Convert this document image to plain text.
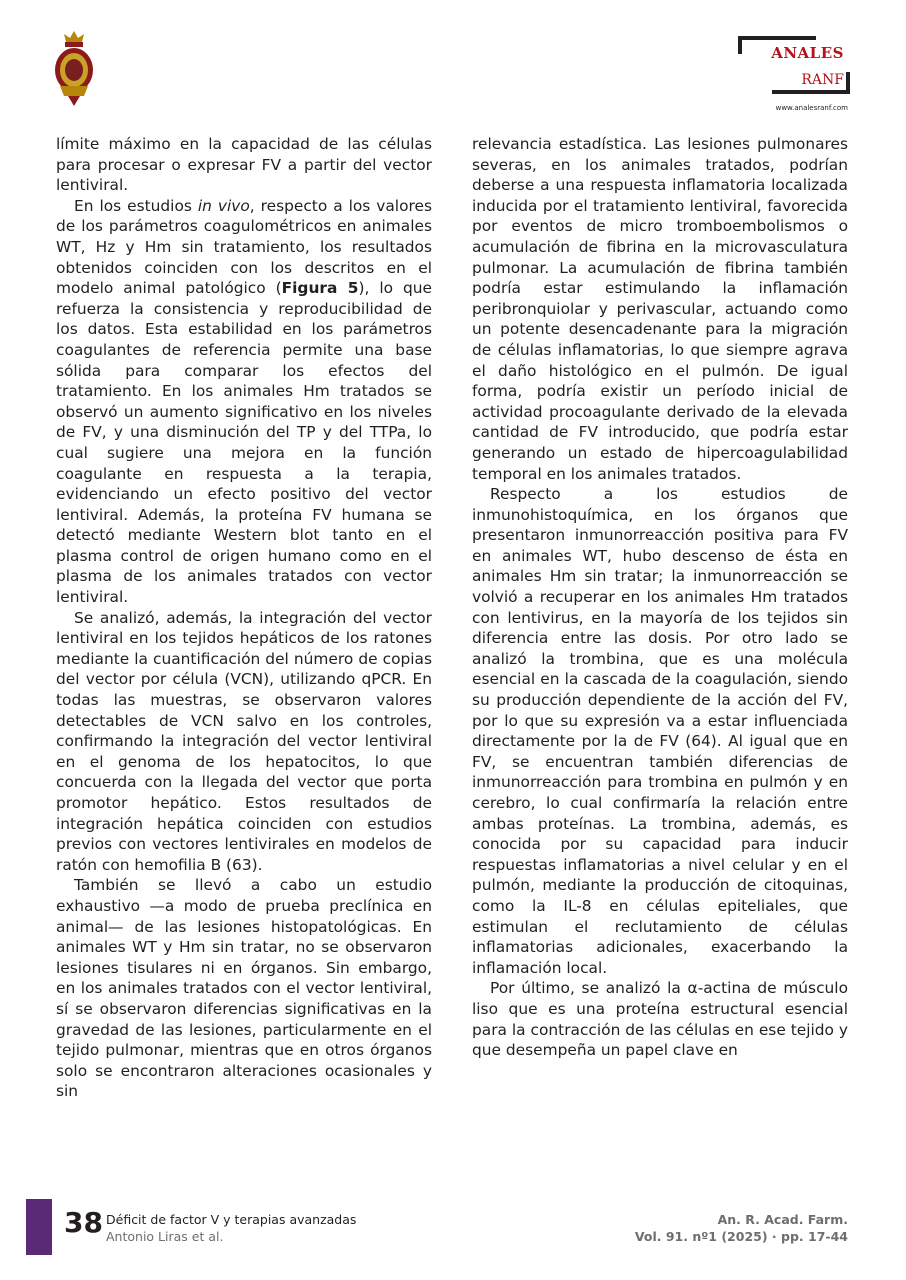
ANALES
RANF
www.analesranf.com

límite máximo en la capacidad de las células para procesar o expresar FV a partir del vector lentiviral.

En los estudios in vivo, respecto a los valores de los parámetros coagulométricos en animales WT, Hz y Hm sin tratamiento, los resultados obtenidos coinciden con los descritos en el modelo animal patológico (Figura 5), lo que refuerza la consistencia y reproducibilidad de los datos. Esta estabilidad en los parámetros coagulantes de referencia permite una base sólida para comparar los efectos del tratamiento. En los animales Hm tratados se observó un aumento significativo en los niveles de FV, y una disminución del TP y del TTPa, lo cual sugiere una mejora en la función coagulante en respuesta a la terapia, evidenciando un efecto positivo del vector lentiviral. Además, la proteína FV humana se detectó mediante Western blot tanto en el plasma control de origen humano como en el plasma de los animales tratados con vector lentiviral.

Se analizó, además, la integración del vector lentiviral en los tejidos hepáticos de los ratones mediante la cuantificación del número de copias del vector por célula (VCN), utilizando qPCR. En todas las muestras, se observaron valores detectables de VCN salvo en los controles, confirmando la integración del vector lentiviral en el genoma de los hepatocitos, lo que concuerda con la llegada del vector que porta promotor hepático. Estos resultados de integración hepática coinciden con estudios previos con vectores lentivirales en modelos de ratón con hemofilia B (63).

También se llevó a cabo un estudio exhaustivo —a modo de prueba preclínica en animal— de las lesiones histopatológicas. En animales WT y Hm sin tratar, no se observaron lesiones tisulares ni en órganos. Sin embargo, en los animales tratados con el vector lentiviral, sí se observaron diferencias significativas en la gravedad de las lesiones, particularmente en el tejido pulmonar, mientras que en otros órganos solo se encontraron alteraciones ocasionales y sin

relevancia estadística. Las lesiones pulmonares severas, en los animales tratados, podrían deberse a una respuesta inflamatoria localizada inducida por el tratamiento lentiviral, favorecida por eventos de micro tromboembolismos o acumulación de fibrina en la microvasculatura pulmonar. La acumulación de fibrina también podría estar estimulando la inflamación peribronquiolar y perivascular, actuando como un potente desencadenante para la migración de células inflamatorias, lo que siempre agrava el daño histológico en el pulmón. De igual forma, podría existir un período inicial de actividad procoagulante derivado de la elevada cantidad de FV introducido, que podría estar generando un estado de hipercoagulabilidad temporal en los animales tratados.

Respecto a los estudios de inmunohistoquímica, en los órganos que presentaron inmunorreacción positiva para FV en animales WT, hubo descenso de ésta en animales Hm sin tratar; la inmunorreacción se volvió a recuperar en los animales Hm tratados con lentivirus, en la mayoría de los tejidos sin diferencia entre las dosis. Por otro lado se analizó la trombina, que es una molécula esencial en la cascada de la coagulación, siendo su producción dependiente de la acción del FV, por lo que su expresión va a estar influenciada directamente por la de FV (64). Al igual que en FV, se encuentran también diferencias de inmunorreacción para trombina en pulmón y en cerebro, lo cual confirmaría la relación entre ambas proteínas. La trombina, además, es conocida por su capacidad para inducir respuestas inflamatorias a nivel celular y en el pulmón, mediante la producción de citoquinas, como la IL-8 en células epiteliales, que estimulan el reclutamiento de células inflamatorias adicionales, exacerbando la inflamación local.

Por último, se analizó la α-actina de músculo liso que es una proteína estructural esencial para la contracción de las células en ese tejido y que desempeña un papel clave en

38 Déficit de factor V y terapias avanzadas
Antonio Liras et al.
An. R. Acad. Farm.
Vol. 91. nº1 (2025) · pp. 17-44
